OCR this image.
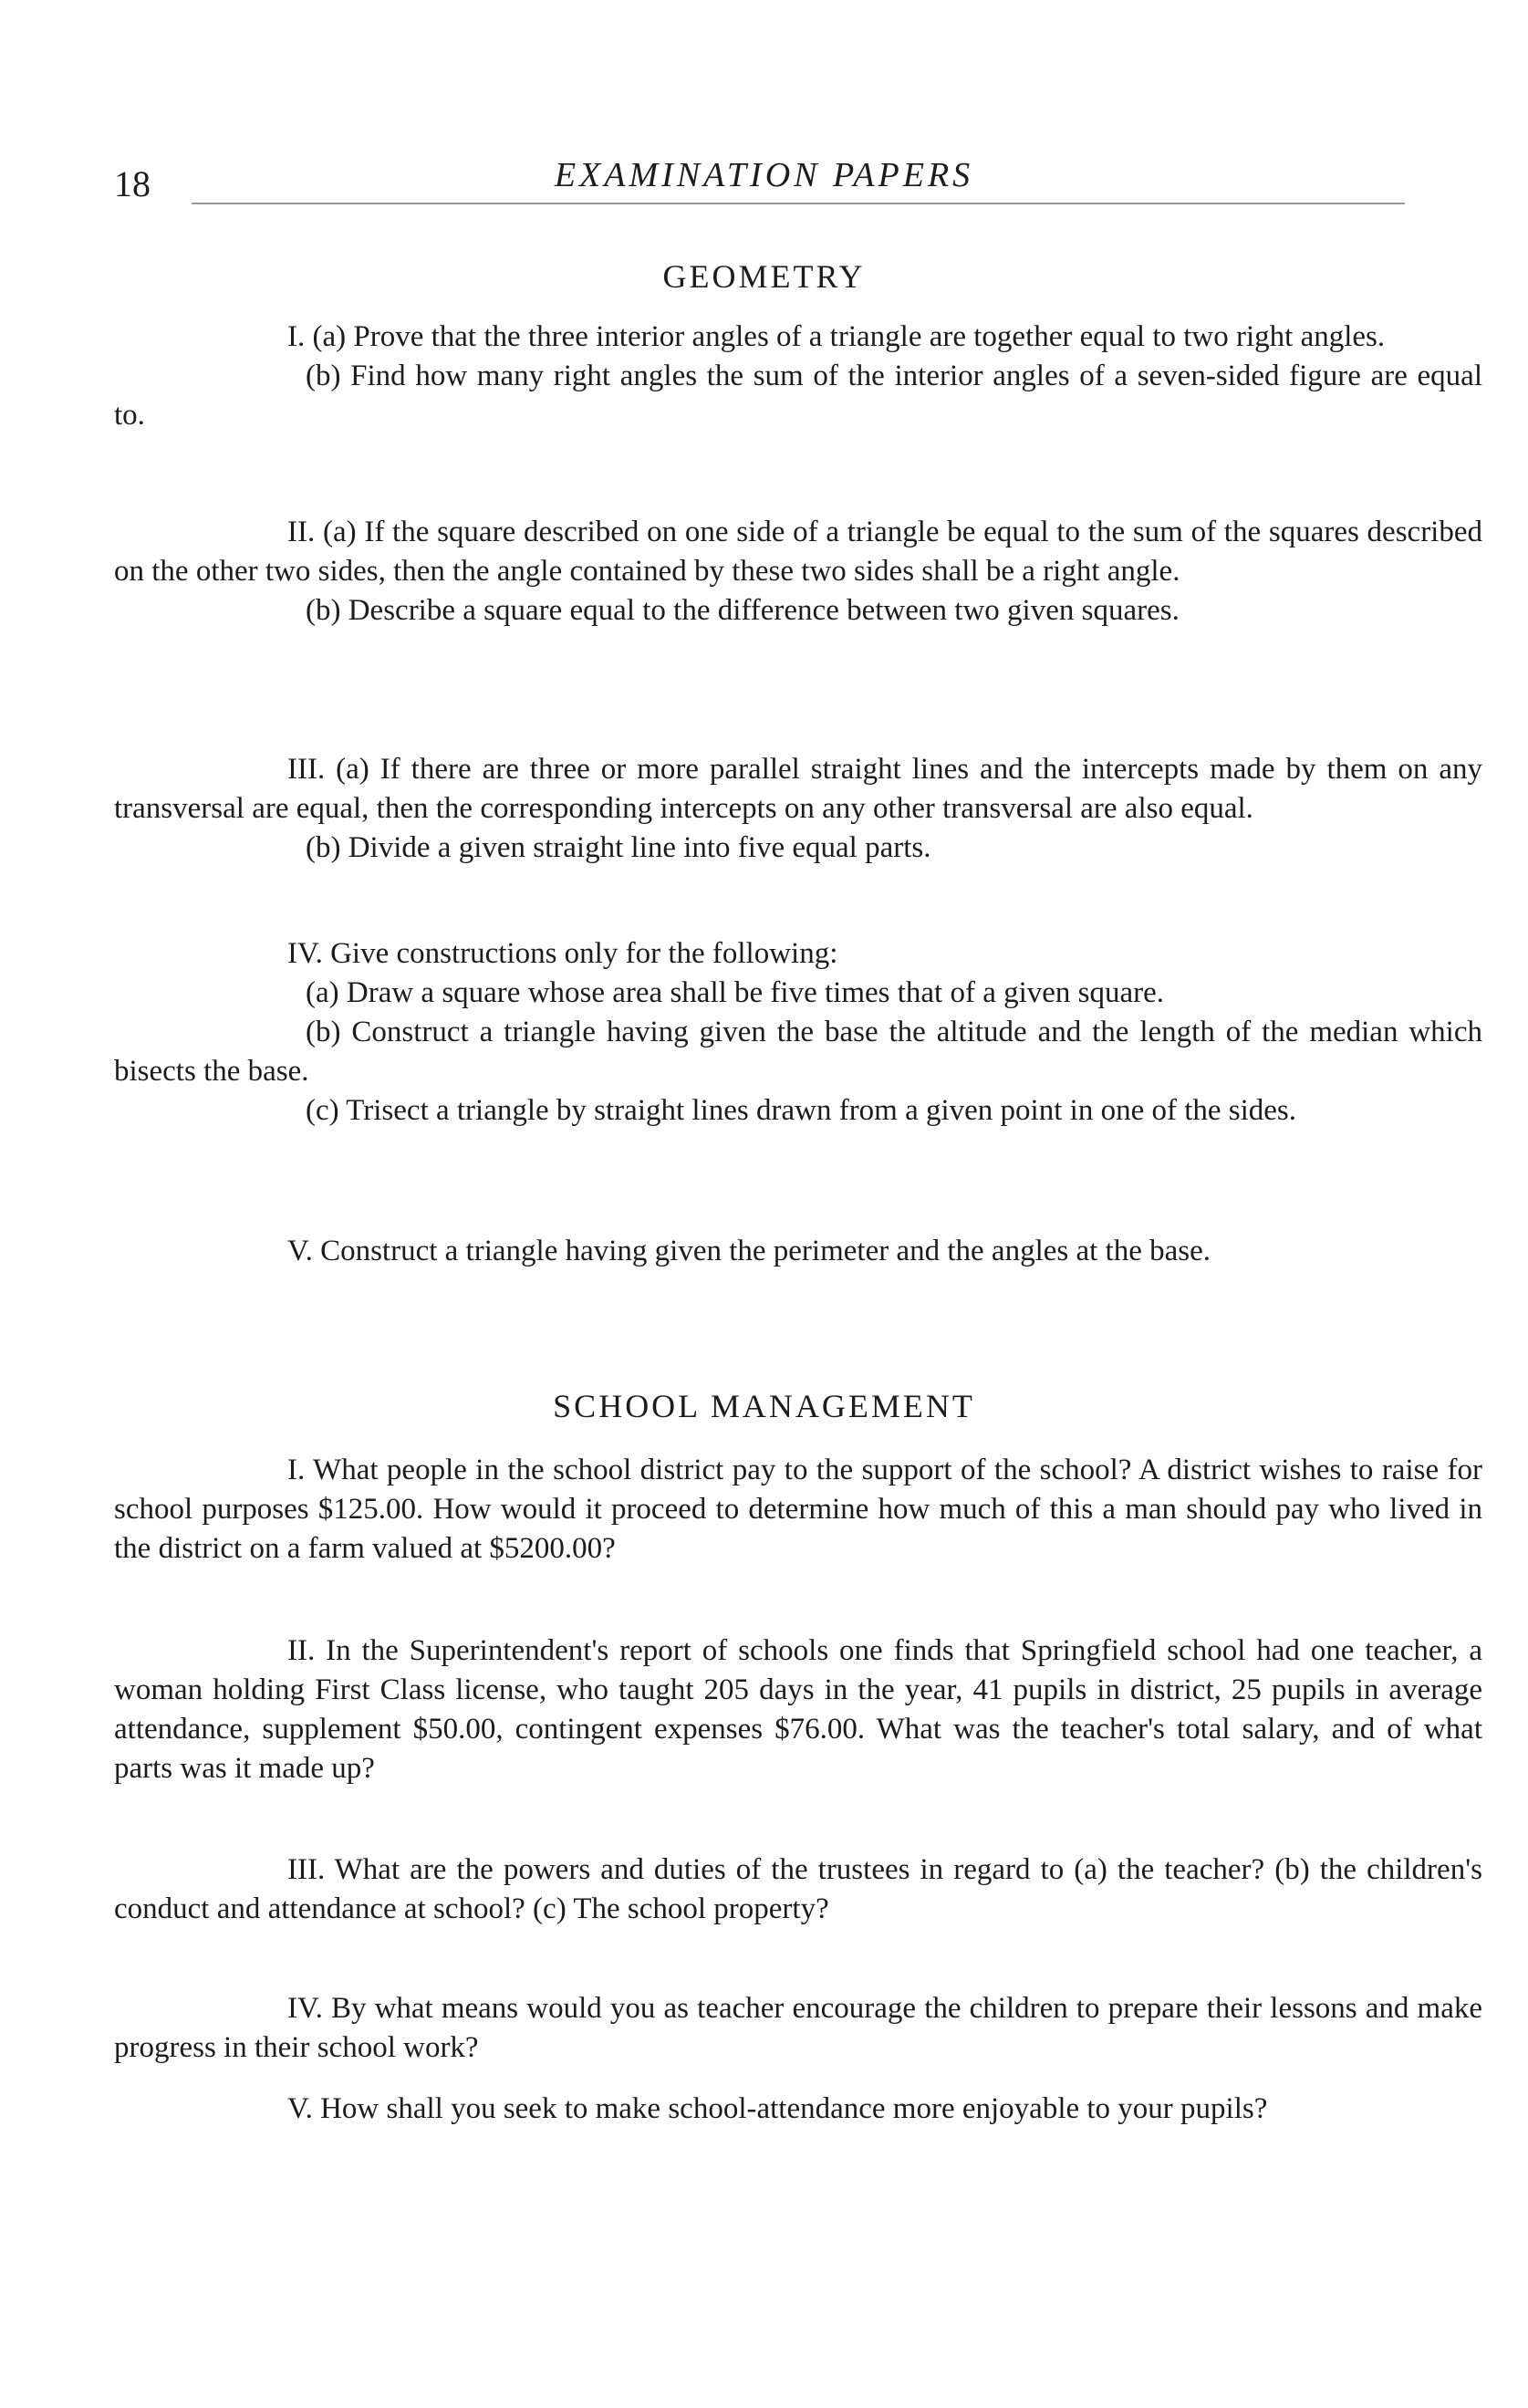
18	EXAMINATION PAPERS
GEOMETRY

I. (a) Prove that the three interior angles of a triangle are together equal to two right angles.

(b) Find how many right angles the sum of the interior angles of a seven-sided figure are equal to.

II. (a) If the square described on one side of a triangle be equal to the sum of the squares described on the other two sides, then the angle contained by these two sides shall be a right angle.

(b) Describe a square equal to the difference between two given squares.

III. (a) If there are three or more parallel straight lines and the intercepts made by them on any transversal are equal, then the corresponding intercepts on any other transversal are also equal.

(b) Divide a given straight line into five equal parts.

IV. Give constructions only for the following:

(a) Draw a square whose area shall be five times that of a given square.

(b) Construct a triangle having given the base the altitude and the length of the median which bisects the base.

(c) Trisect a triangle by straight lines drawn from a given point in one of the sides.

V. Construct a triangle having given the perimeter and the angles at the base.

SCHOOL MANAGEMENT

I. What people in the school district pay to the support of the school? A district wishes to raise for school purposes $125.00. How would it proceed to determine how much of this a man should pay who lived in the district on a farm valued at $5200.00?

II. In the Superintendent's report of schools one finds that Springfield school had one teacher, a woman holding First Class license, who taught 205 days in the year, 41 pupils in district, 25 pupils in average attendance, supplement $50.00, contingent expenses $76.00. What was the teacher's total salary, and of what parts was it made up?

III. What are the powers and duties of the trustees in regard to (a) the teacher? (b) the children's conduct and attendance at school? (c) The school property?

IV. By what means would you as teacher encourage the children to prepare their lessons and make progress in their school work?

V. How shall you seek to make school-attendance more enjoyable to your pupils?
